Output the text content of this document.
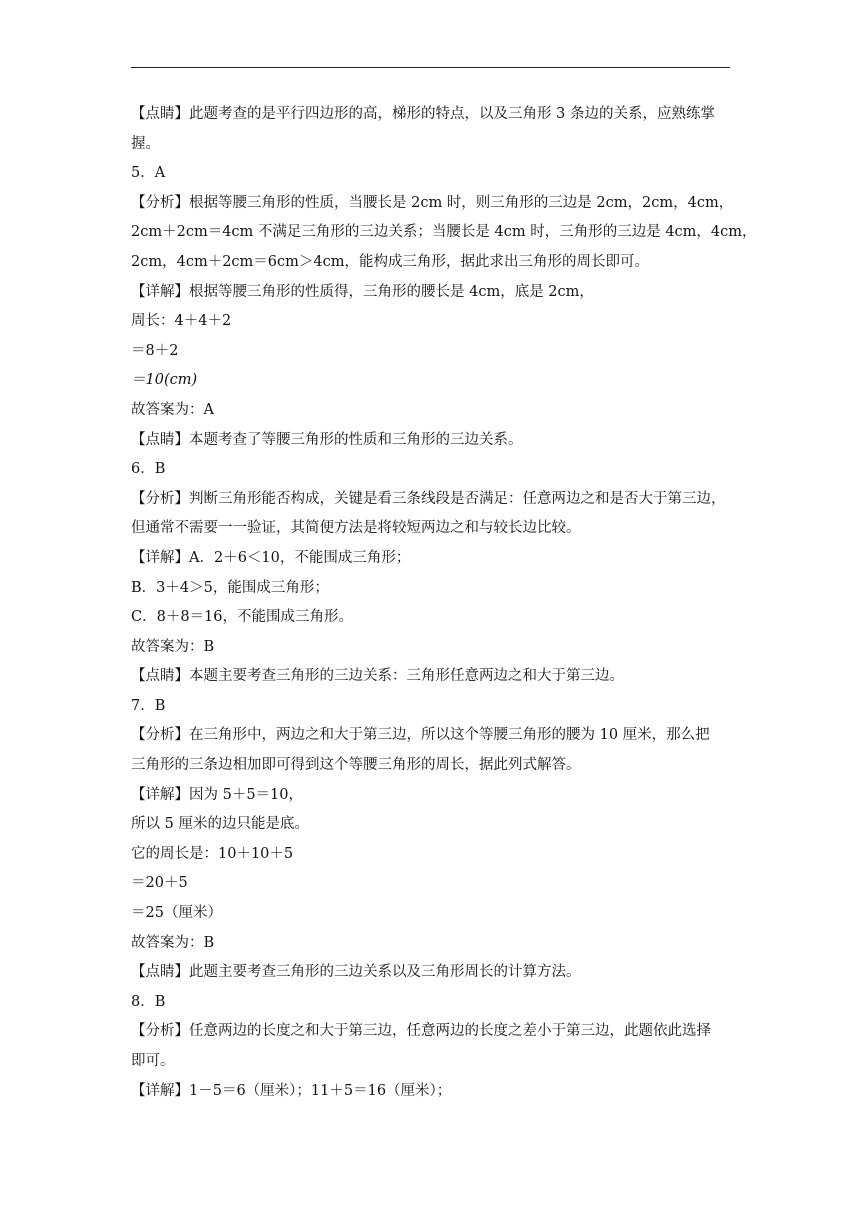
【点睛】此题考查的是平行四边形的高，梯形的特点，以及三角形 3 条边的关系，应熟练掌
握。
5．A
【分析】根据等腰三角形的性质，当腰长是 2cm 时，则三角形的三边是 2cm，2cm，4cm，
2cm＋2cm＝4cm 不满足三角形的三边关系；当腰长是 4cm 时，三角形的三边是 4cm，4cm，
2cm，4cm＋2cm＝6cm＞4cm，能构成三角形，据此求出三角形的周长即可。
【详解】根据等腰三角形的性质得，三角形的腰长是 4cm，底是 2cm，
周长：4＋4＋2
＝8＋2
＝10(cm)
故答案为：A
【点睛】本题考查了等腰三角形的性质和三角形的三边关系。
6．B
【分析】判断三角形能否构成，关键是看三条线段是否满足：任意两边之和是否大于第三边，
但通常不需要一一验证，其简便方法是将较短两边之和与较长边比较。
【详解】A．2＋6＜10，不能围成三角形；
B．3＋4＞5，能围成三角形；
C．8＋8＝16，不能围成三角形。
故答案为：B
【点睛】本题主要考查三角形的三边关系：三角形任意两边之和大于第三边。
7．B
【分析】在三角形中，两边之和大于第三边，所以这个等腰三角形的腰为 10 厘米，那么把
三角形的三条边相加即可得到这个等腰三角形的周长，据此列式解答。
【详解】因为 5＋5＝10，
所以 5 厘米的边只能是底。
它的周长是：10＋10＋5
＝20＋5
＝25（厘米）
故答案为：B
【点睛】此题主要考查三角形的三边关系以及三角形周长的计算方法。
8．B
【分析】任意两边的长度之和大于第三边，任意两边的长度之差小于第三边，此题依此选择
即可。
【详解】1－5＝6（厘米）；11＋5＝16（厘米）；
